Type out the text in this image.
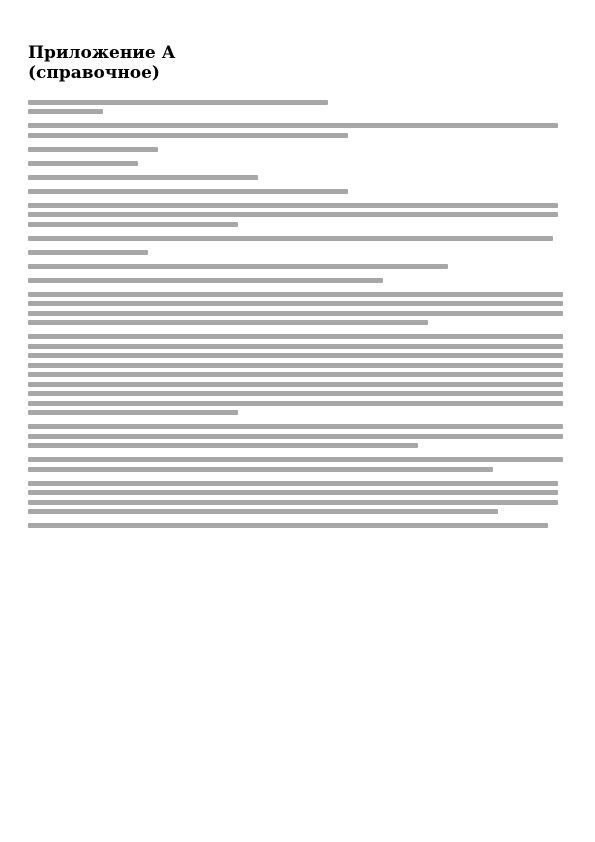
Приложение А
(справочное)
